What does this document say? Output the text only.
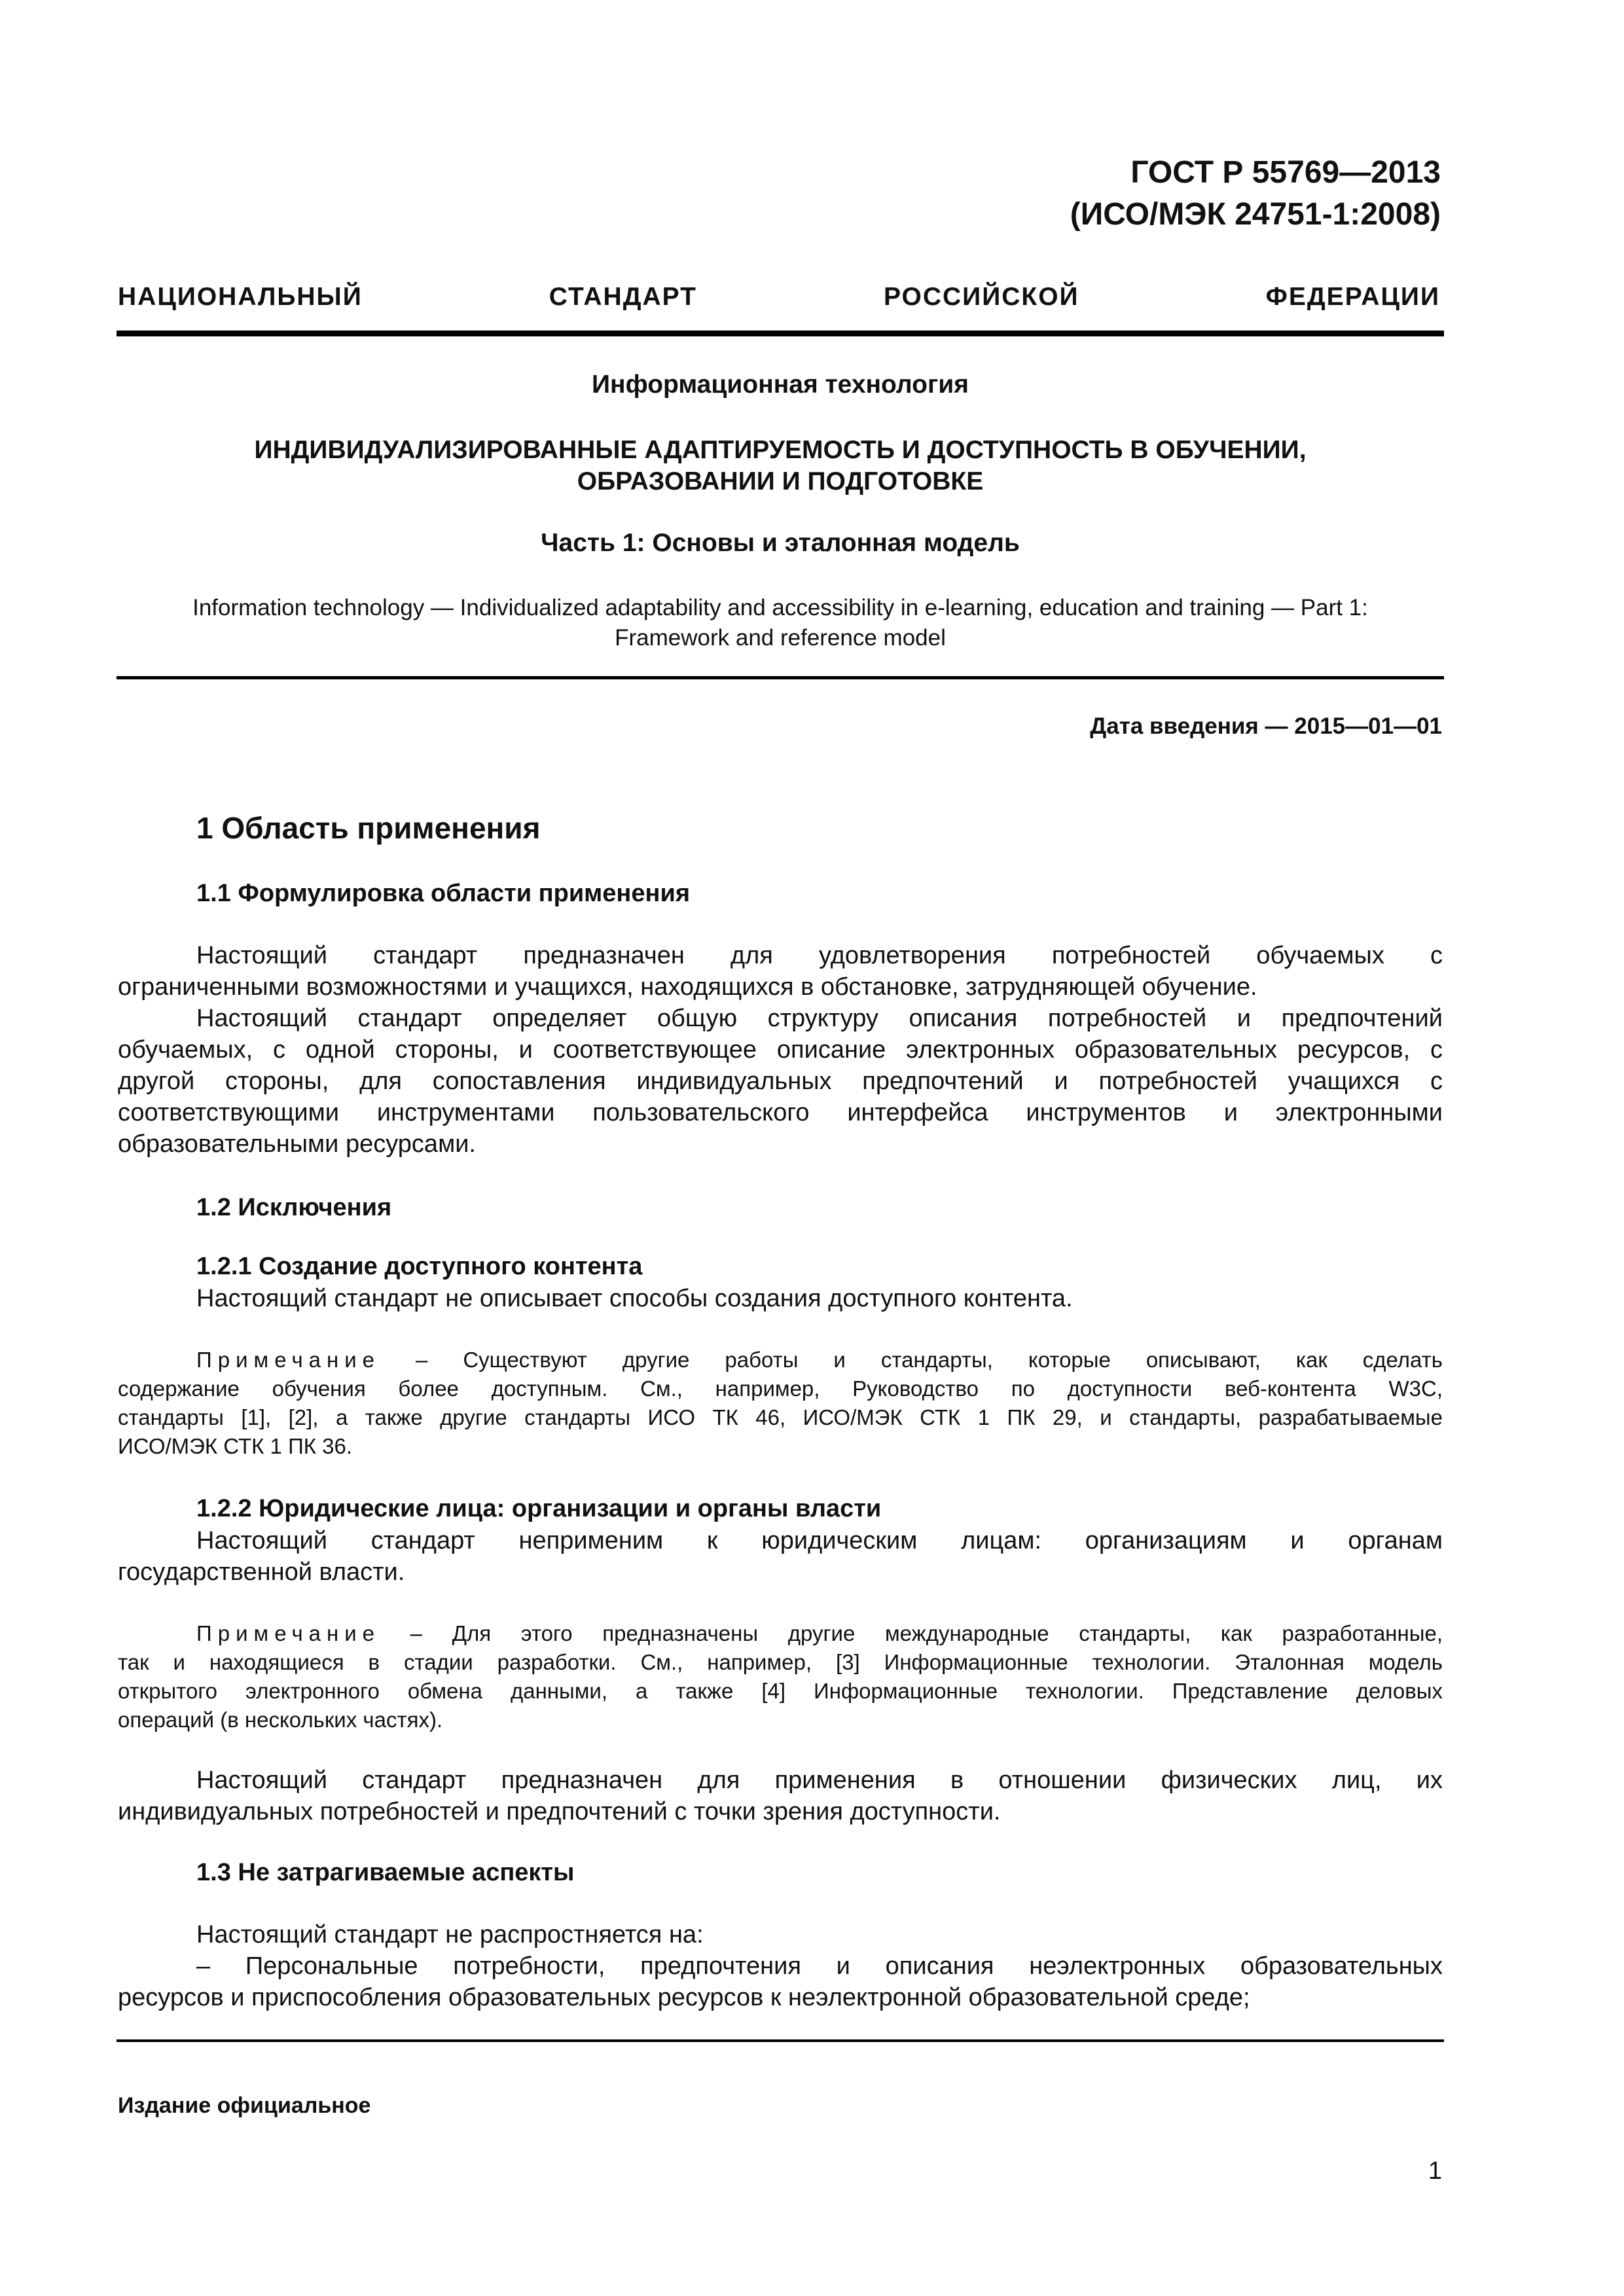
ГОСТ Р 55769—2013
(ИСО/МЭК 24751-1:2008)
НАЦИОНАЛЬНЫЙ СТАНДАРТ РОССИЙСКОЙ ФЕДЕРАЦИИ
Информационная технология
ИНДИВИДУАЛИЗИРОВАННЫЕ АДАПТИРУЕМОСТЬ И ДОСТУПНОСТЬ В ОБУЧЕНИИ,
ОБРАЗОВАНИИ И ПОДГОТОВКЕ
Часть 1: Основы и эталонная модель
Information technology — Individualized adaptability and accessibility in e-learning, education and training — Part 1:
Framework and reference model
Дата введения — 2015—01—01
1 Область применения
1.1 Формулировка области применения
Настоящий стандарт предназначен для удовлетворения потребностей обучаемых с
ограниченными возможностями и учащихся, находящихся в обстановке, затрудняющей обучение.
Настоящий стандарт определяет общую структуру описания потребностей и предпочтений
обучаемых, с одной стороны, и соответствующее описание электронных образовательных ресурсов, с
другой стороны, для сопоставления индивидуальных предпочтений и потребностей учащихся с
соответствующими инструментами пользовательского интерфейса инструментов и электронными
образовательными ресурсами.
1.2 Исключения
1.2.1 Создание доступного контента
Настоящий стандарт не описывает способы создания доступного контента.
Примечание – Существуют другие работы и стандарты, которые описывают, как сделать
содержание обучения более доступным. См., например, Руководство по доступности веб-контента W3C,
стандарты [1], [2], а также другие стандарты ИСО ТК 46, ИСО/МЭК СТК 1 ПК 29, и стандарты, разрабатываемые
ИСО/МЭК СТК 1 ПК 36.
1.2.2 Юридические лица: организации и органы власти
Настоящий стандарт неприменим к юридическим лицам: организациям и органам
государственной власти.
Примечание – Для этого предназначены другие международные стандарты, как разработанные,
так и находящиеся в стадии разработки. См., например, [3] Информационные технологии. Эталонная модель
открытого электронного обмена данными, а также [4] Информационные технологии. Представление деловых
операций (в нескольких частях).
Настоящий стандарт предназначен для применения в отношении физических лиц, их
индивидуальных потребностей и предпочтений с точки зрения доступности.
1.3 Не затрагиваемые аспекты
Настоящий стандарт не распростняется на:
– Персональные потребности, предпочтения и описания неэлектронных образовательных
ресурсов и приспособления образовательных ресурсов к неэлектронной образовательной среде;
Издание официальное
1
